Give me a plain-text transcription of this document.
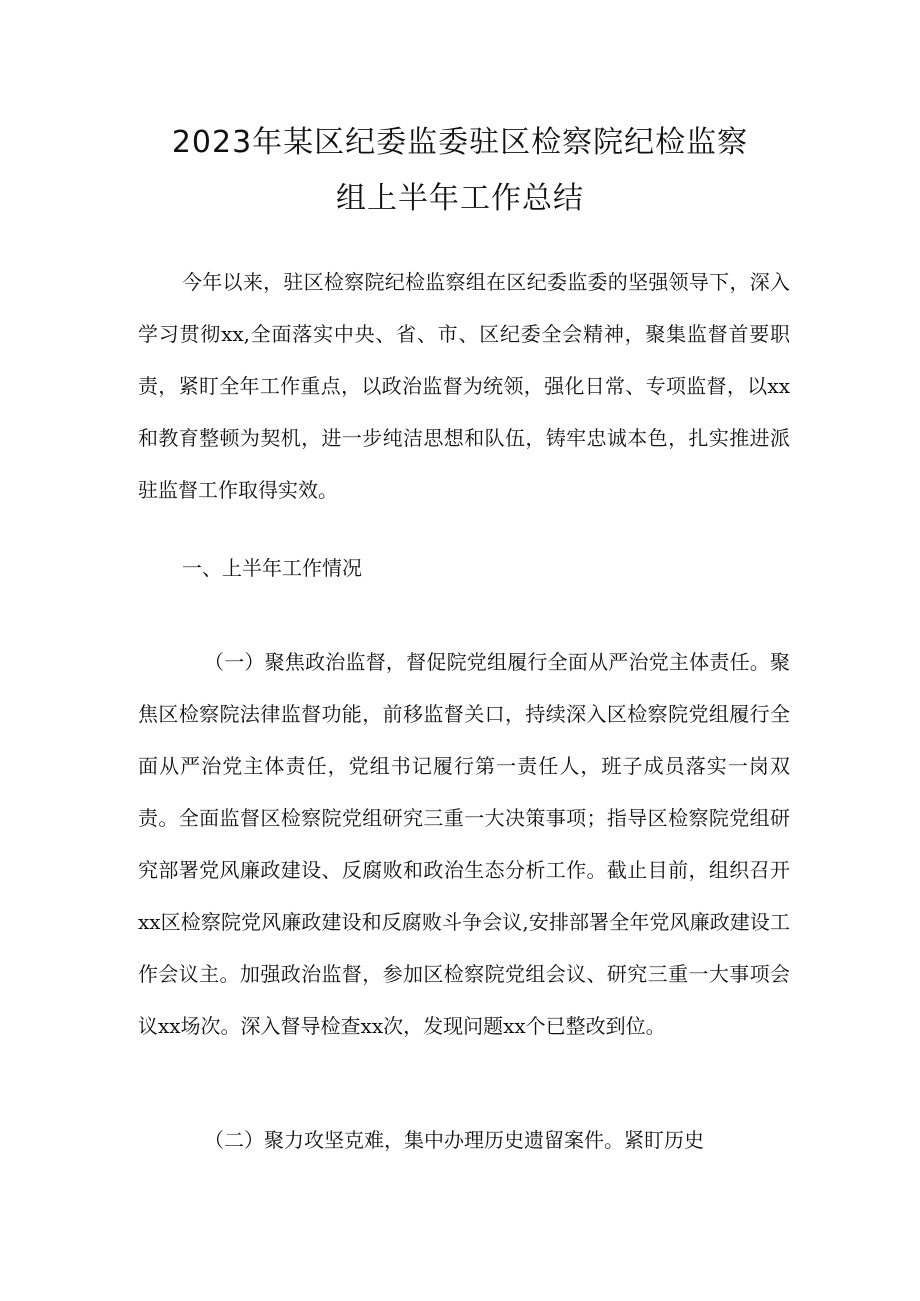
2023年某区纪委监委驻区检察院纪检监察
组上半年工作总结

今年以来，驻区检察院纪检监察组在区纪委监委的坚强领导下，深入学习贯彻xx,全面落实中央、省、市、区纪委全会精神，聚集监督首要职责，紧盯全年工作重点，以政治监督为统领，强化日常、专项监督，以xx和教育整顿为契机，进一步纯洁思想和队伍，铸牢忠诚本色，扎实推进派驻监督工作取得实效。

一、上半年工作情况

（一）聚焦政治监督，督促院党组履行全面从严治党主体责任。聚焦区检察院法律监督功能，前移监督关口，持续深入区检察院党组履行全面从严治党主体责任，党组书记履行第一责任人，班子成员落实一岗双责。全面监督区检察院党组研究三重一大决策事项；指导区检察院党组研究部署党风廉政建设、反腐败和政治生态分析工作。截止目前，组织召开xx区检察院党风廉政建设和反腐败斗争会议,安排部署全年党风廉政建设工作会议主。加强政治监督，参加区检察院党组会议、研究三重一大事项会议xx场次。深入督导检查xx次，发现问题xx个已整改到位。

（二）聚力攻坚克难，集中办理历史遗留案件。紧盯历史
